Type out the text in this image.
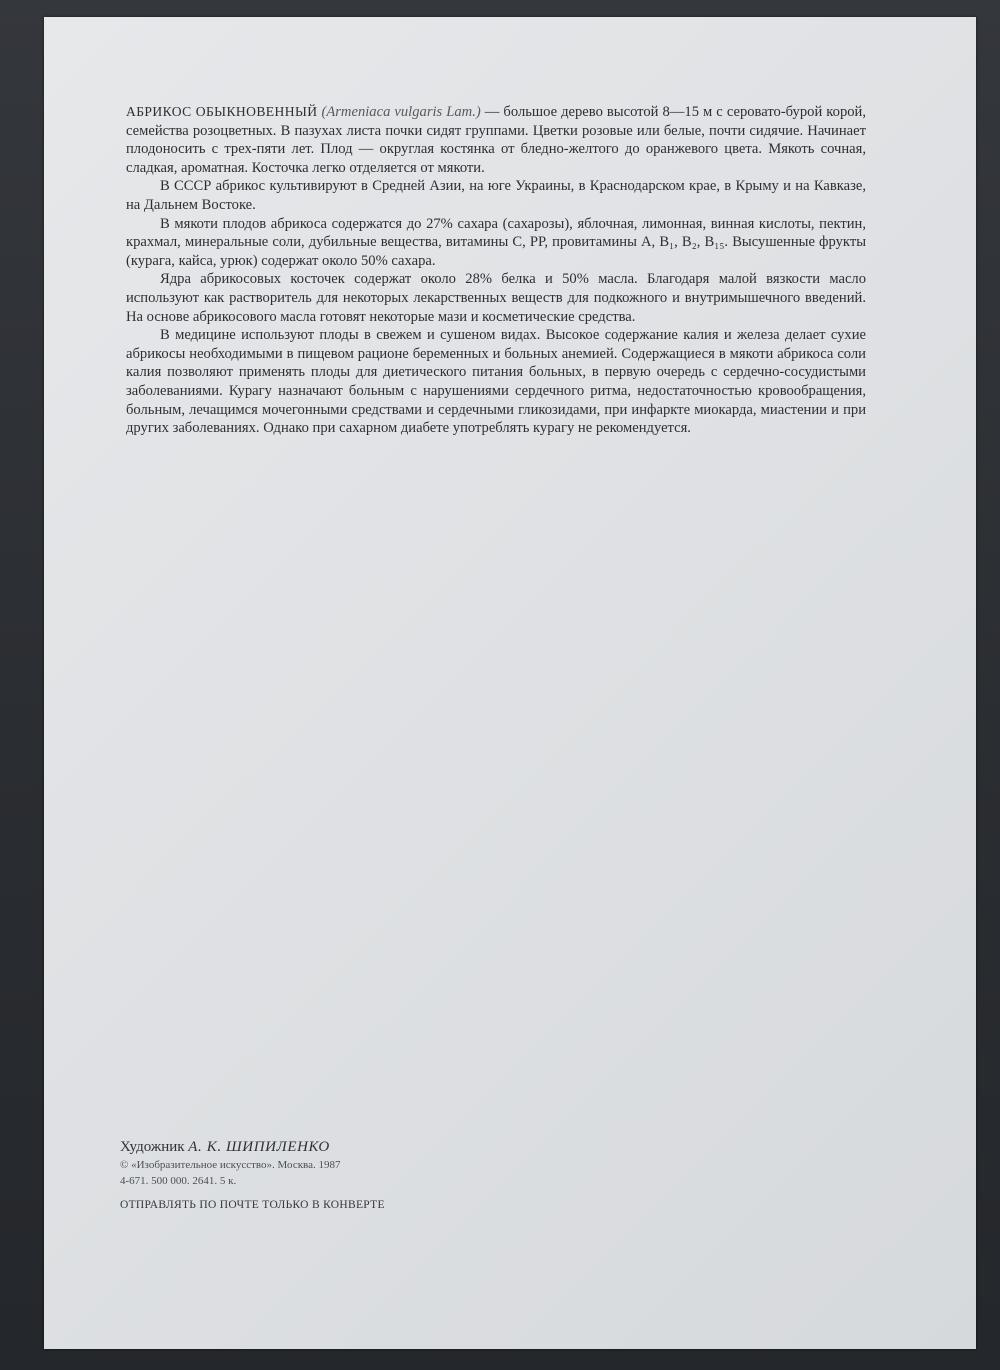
АБРИКОС ОБЫКНОВЕННЫЙ (Armeniaca vulgaris Lam.) — большое дерево высотой 8—15 м с серовато-бурой корой, семейства розоцветных. В пазухах листа почки сидят группами. Цветки розовые или белые, почти сидячие. Начинает плодоносить с трех-пяти лет. Плод — округлая костянка от бледно-желтого до оранжевого цвета. Мякоть сочная, сладкая, ароматная. Косточка легко отделяется от мякоти.

В СССР абрикос культивируют в Средней Азии, на юге Украины, в Краснодарском крае, в Крыму и на Кавказе, на Дальнем Востоке.

В мякоти плодов абрикоса содержатся до 27% сахара (сахарозы), яблочная, лимонная, винная кислоты, пектин, крахмал, минеральные соли, дубильные вещества, витамины С, РР, провитамины А, B₁, B₂, B₁₅. Высушенные фрукты (курага, кайса, урюк) содержат около 50% сахара.

Ядра абрикосовых косточек содержат около 28% белка и 50% масла. Благодаря малой вязкости масло используют как растворитель для некоторых лекарственных веществ для подкожного и внутримышечного введений. На основе абрикосового масла готовят некоторые мази и косметические средства.

В медицине используют плоды в свежем и сушеном видах. Высокое содержание калия и железа делает сухие абрикосы необходимыми в пищевом рационе беременных и больных анемией. Содержащиеся в мякоти абрикоса соли калия позволяют применять плоды для диетического питания больных, в первую очередь с сердечно-сосудистыми заболеваниями. Курагу назначают больным с нарушениями сердечного ритма, недостаточностью кровообращения, больным, лечащимся мочегонными средствами и сердечными гликозидами, при инфаркте миокарда, миастении и при других заболеваниях. Однако при сахарном диабете употреблять курагу не рекомендуется.

Художник А. К. ШИПИЛЕНКО
© «Изобразительное искусство». Москва. 1987
4-671. 500 000. 2641. 5 к.
ОТПРАВЛЯТЬ ПО ПОЧТЕ ТОЛЬКО В КОНВЕРТЕ
